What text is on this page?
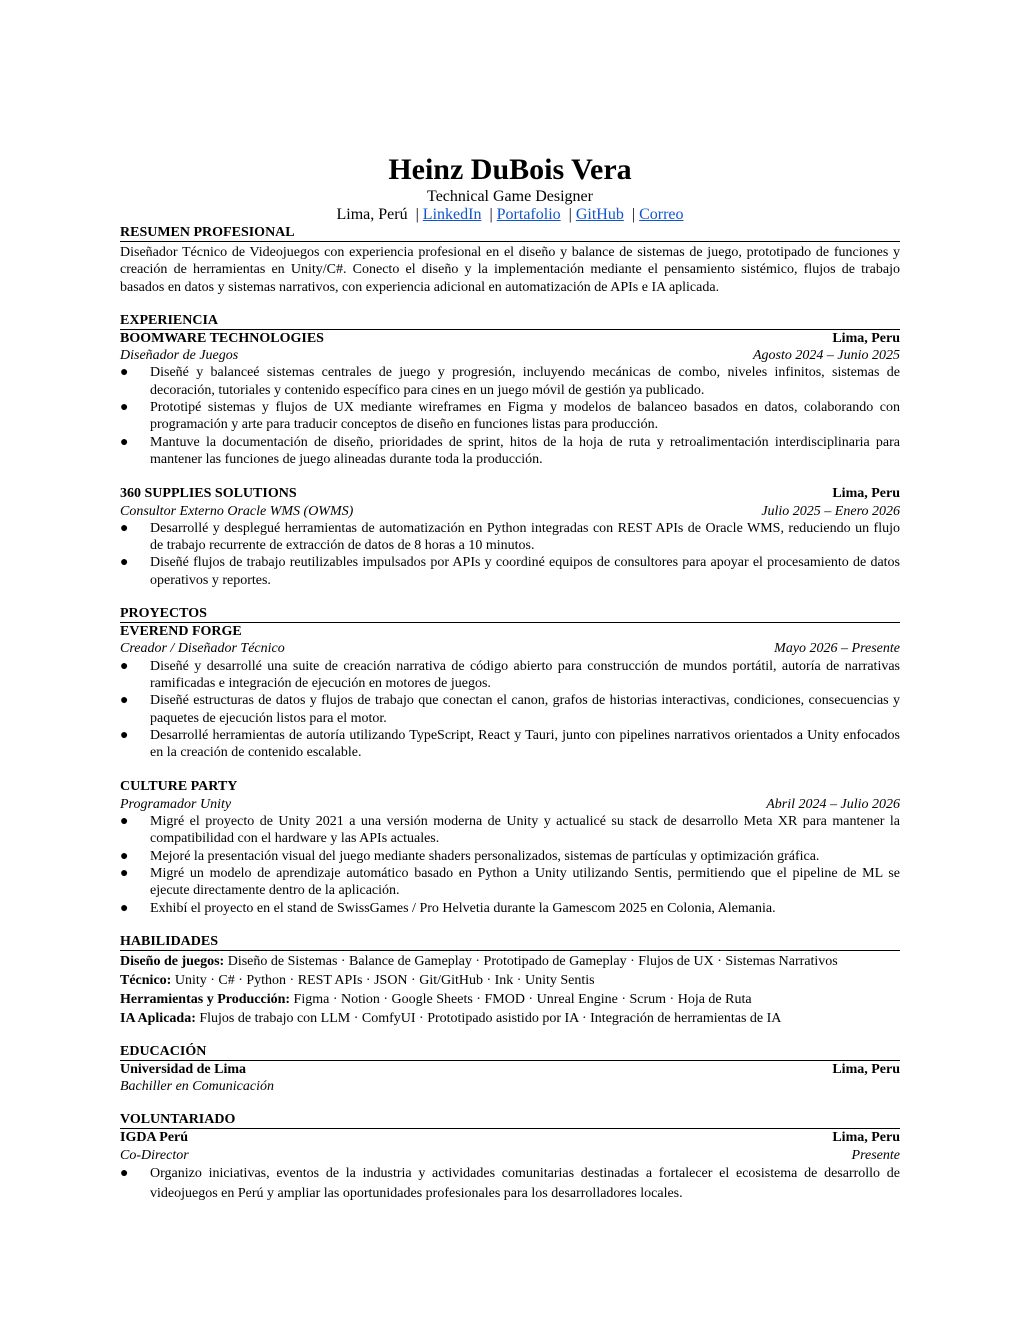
Heinz DuBois Vera
Technical Game Designer
Lima, Perú | LinkedIn | Portafolio | GitHub | Correo
RESUMEN PROFESIONAL
Diseñador Técnico de Videojuegos con experiencia profesional en el diseño y balance de sistemas de juego, prototipado de funciones y creación de herramientas en Unity/C#. Conecto el diseño y la implementación mediante el pensamiento sistémico, flujos de trabajo basados en datos y sistemas narrativos, con experiencia adicional en automatización de APIs e IA aplicada.
EXPERIENCIA
BOOMWARE TECHNOLOGIES	Lima, Peru
Diseñador de Juegos	Agosto 2024 – Junio 2025
● Diseñé y balanceé sistemas centrales de juego y progresión, incluyendo mecánicas de combo, niveles infinitos, sistemas de decoración, tutoriales y contenido específico para cines en un juego móvil de gestión ya publicado.
● Prototipé sistemas y flujos de UX mediante wireframes en Figma y modelos de balanceo basados en datos, colaborando con programación y arte para traducir conceptos de diseño en funciones listas para producción.
● Mantuve la documentación de diseño, prioridades de sprint, hitos de la hoja de ruta y retroalimentación interdisciplinaria para mantener las funciones de juego alineadas durante toda la producción.
360 SUPPLIES SOLUTIONS	Lima, Peru
Consultor Externo Oracle WMS (OWMS)	Julio 2025 – Enero 2026
● Desarrollé y desplegué herramientas de automatización en Python integradas con REST APIs de Oracle WMS, reduciendo un flujo de trabajo recurrente de extracción de datos de 8 horas a 10 minutos.
● Diseñé flujos de trabajo reutilizables impulsados por APIs y coordiné equipos de consultores para apoyar el procesamiento de datos operativos y reportes.
PROYECTOS
EVEREND FORGE
Creador / Diseñador Técnico	Mayo 2026 – Presente
● Diseñé y desarrollé una suite de creación narrativa de código abierto para construcción de mundos portátil, autoría de narrativas ramificadas e integración de ejecución en motores de juegos.
● Diseñé estructuras de datos y flujos de trabajo que conectan el canon, grafos de historias interactivas, condiciones, consecuencias y paquetes de ejecución listos para el motor.
● Desarrollé herramientas de autoría utilizando TypeScript, React y Tauri, junto con pipelines narrativos orientados a Unity enfocados en la creación de contenido escalable.
CULTURE PARTY
Programador Unity	Abril 2024 – Julio 2026
● Migré el proyecto de Unity 2021 a una versión moderna de Unity y actualicé su stack de desarrollo Meta XR para mantener la compatibilidad con el hardware y las APIs actuales.
● Mejoré la presentación visual del juego mediante shaders personalizados, sistemas de partículas y optimización gráfica.
● Migré un modelo de aprendizaje automático basado en Python a Unity utilizando Sentis, permitiendo que el pipeline de ML se ejecute directamente dentro de la aplicación.
● Exhibí el proyecto en el stand de SwissGames / Pro Helvetia durante la Gamescom 2025 en Colonia, Alemania.
HABILIDADES
Diseño de juegos: Diseño de Sistemas · Balance de Gameplay · Prototipado de Gameplay · Flujos de UX · Sistemas Narrativos
Técnico: Unity · C# · Python · REST APIs · JSON · Git/GitHub · Ink · Unity Sentis
Herramientas y Producción: Figma · Notion · Google Sheets · FMOD · Unreal Engine · Scrum · Hoja de Ruta
IA Aplicada: Flujos de trabajo con LLM · ComfyUI · Prototipado asistido por IA · Integración de herramientas de IA
EDUCACIÓN
Universidad de Lima	Lima, Peru
Bachiller en Comunicación
VOLUNTARIADO
IGDA Perú	Lima, Peru
Co-Director	Presente
● Organizo iniciativas, eventos de la industria y actividades comunitarias destinadas a fortalecer el ecosistema de desarrollo de videojuegos en Perú y ampliar las oportunidades profesionales para los desarrolladores locales.
